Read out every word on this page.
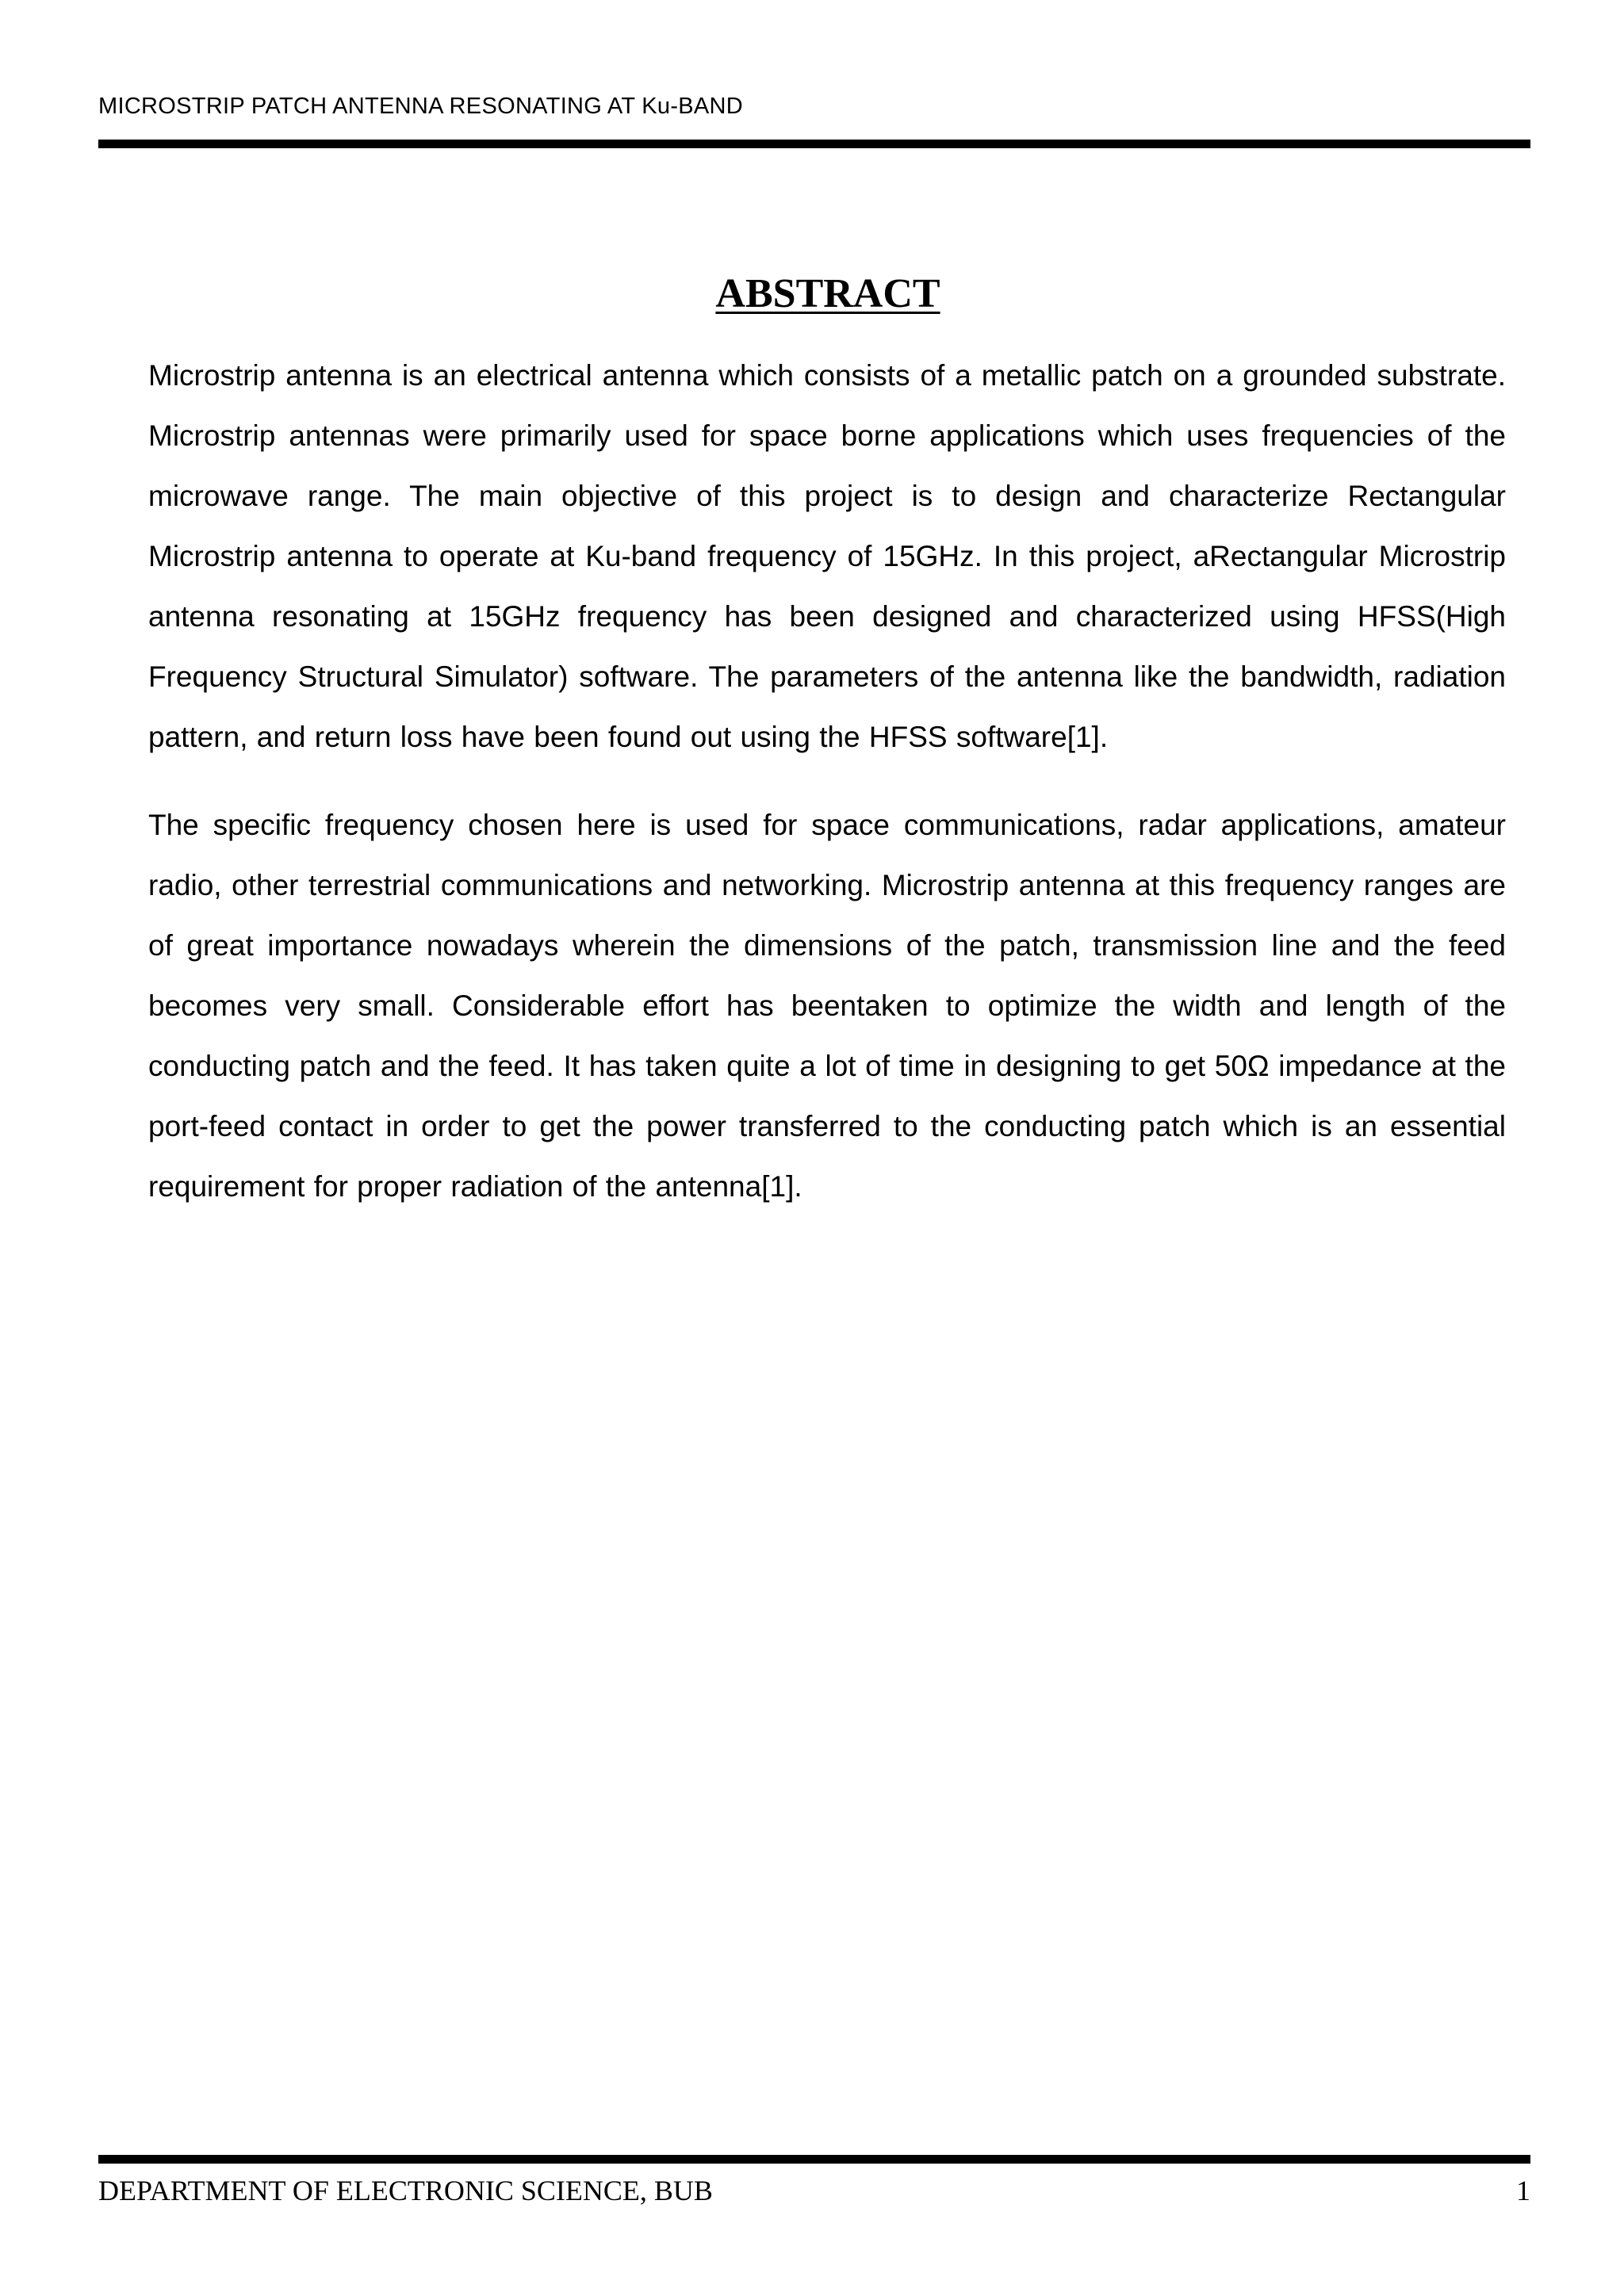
MICROSTRIP PATCH ANTENNA RESONATING AT Ku-BAND
ABSTRACT

Microstrip antenna is an electrical antenna which consists of a metallic patch on a grounded substrate. Microstrip antennas were primarily used for space borne applications which uses frequencies of the microwave range. The main objective of this project is to design and characterize Rectangular Microstrip antenna to operate at Ku-band frequency of 15GHz. In this project, aRectangular Microstrip antenna resonating at 15GHz frequency has been designed and characterized using HFSS(High Frequency Structural Simulator) software. The parameters of the antenna like the bandwidth, radiation pattern, and return loss have been found out using the HFSS software[1].

The specific frequency chosen here is used for space communications, radar applications, amateur radio, other terrestrial communications and networking. Microstrip antenna at this frequency ranges are of great importance nowadays wherein the dimensions of the patch, transmission line and the feed becomes very small. Considerable effort has beentaken to optimize the width and length of the conducting patch and the feed. It has taken quite a lot of time in designing to get 50Ω impedance at the port-feed contact in order to get the power transferred to the conducting patch which is an essential requirement for proper radiation of the antenna[1].

DEPARTMENT OF ELECTRONIC SCIENCE, BUB	1
